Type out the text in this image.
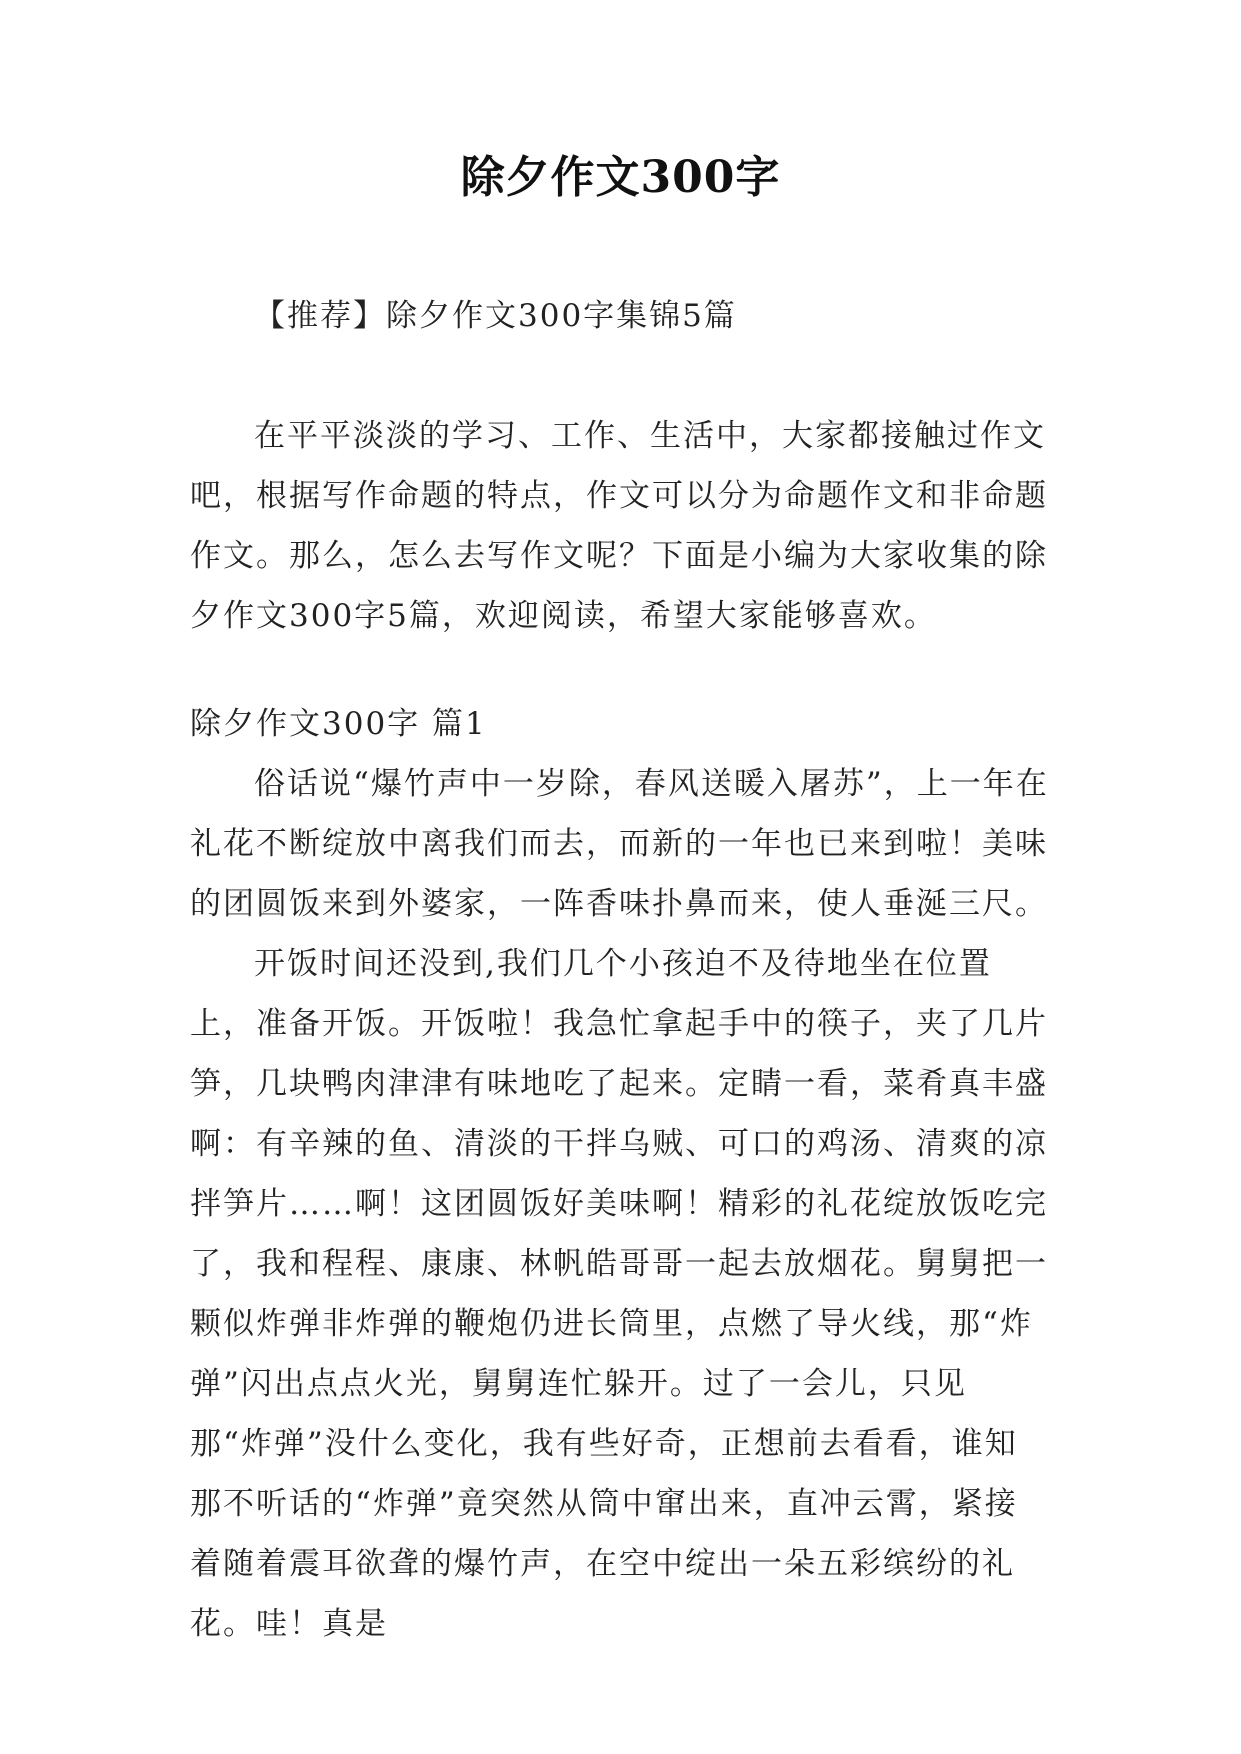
除夕作文300字
【推荐】除夕作文300字集锦5篇
在平平淡淡的学习、工作、生活中，大家都接触过作文吧，根据写作命题的特点，作文可以分为命题作文和非命题作文。那么，怎么去写作文呢？下面是小编为大家收集的除夕作文300字5篇，欢迎阅读，希望大家能够喜欢。

除夕作文300字 篇1

俗话说“爆竹声中一岁除，春风送暖入屠苏”，上一年在礼花不断绽放中离我们而去，而新的一年也已来到啦！美味的团圆饭来到外婆家，一阵香味扑鼻而来，使人垂涎三尺。

开饭时间还没到,我们几个小孩迫不及待地坐在位置上，准备开饭。开饭啦！我急忙拿起手中的筷子，夹了几片笋，几块鸭肉津津有味地吃了起来。定睛一看，菜肴真丰盛啊：有辛辣的鱼、清淡的干拌乌贼、可口的鸡汤、清爽的凉拌笋片……啊！这团圆饭好美味啊！精彩的礼花绽放饭吃完了，我和程程、康康、林帆皓哥哥一起去放烟花。舅舅把一颗似炸弹非炸弹的鞭炮仍进长筒里，点燃了导火线，那“炸弹”闪出点点火光，舅舅连忙躲开。过了一会儿，只见那“炸弹”没什么变化，我有些好奇，正想前去看看，谁知那不听话的“炸弹”竟突然从筒中窜出来，直冲云霄，紧接着随着震耳欲聋的爆竹声，在空中绽出一朵五彩缤纷的礼花。哇！真是
